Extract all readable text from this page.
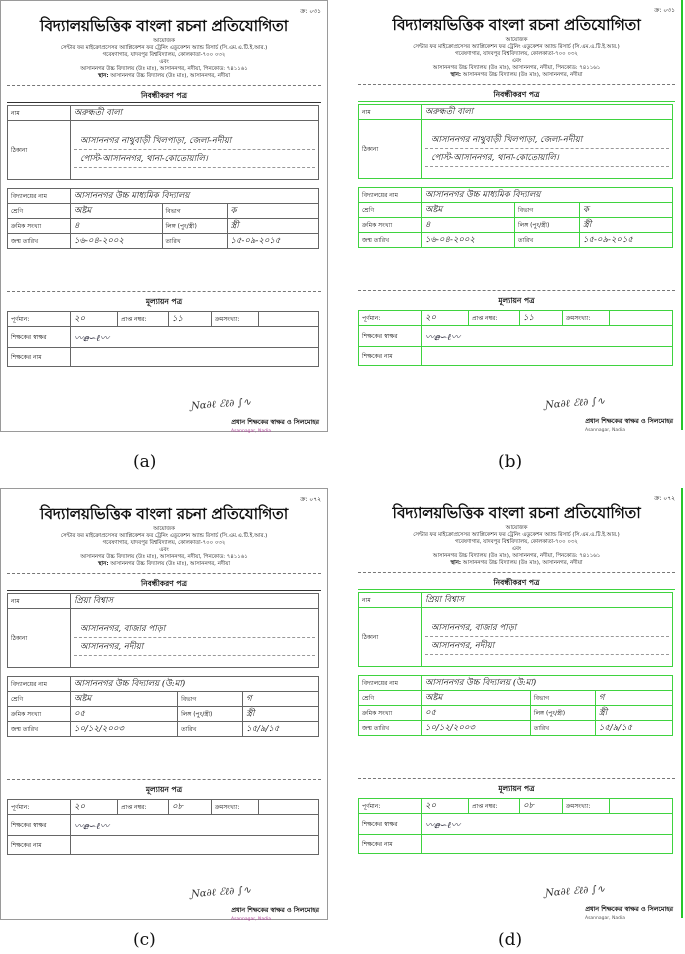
ক্র: ০৩১
বিদ্যালয়ভিত্তিক বাংলা রচনা প্রতিযোগিতা
আয়োজক
সেন্টার ফর মাইক্রোপ্রসেসর অ্যাপ্লিকেশন ফর ট্রেনিং এডুকেশন অ্যান্ড রিসার্চ (সি.এম.এ.টি.ই.আর.)
গবেষণাগার, যাদবপুর বিশ্ববিদ্যালয়, কোলকাতা-৭০০ ০৩২
এবং
আসাননগর উচ্চ বিদ্যালয় (উঃ মাঃ), আসাননগর, নদীয়া, পিনকোড: ৭৪১১৬১
স্থান: আসাননগর উচ্চ বিদ্যালয় (উঃ মাঃ), আসাননগর, নদীয়া
নিবন্ধীকরণ পত্র
নাম	অরুন্ধতী বালা		
ঠিকানা	আসাননগর নাথুবাড়ী খিলপাড়া, জেলা-নদীয়া
পোস্ট-আসাননগর, থানা-কোতোয়ালি।		

বিদ্যালয়ের নাম	আসাননগর উচ্চ মাধ্যমিক বিদ্যালয়		
শ্রেণি	অষ্টম	বিভাগ	ক
ক্রমিক সংখ্যা	৪	লিঙ্গ (পুং/স্ত্রী)	স্ত্রী
জন্ম তারিখ	১৬-০৪-২০০২	তারিখ	১৫-০৯-২০১৫
মূল্যায়ন পত্র
পূর্ণমান:	২০	প্রাপ্ত নম্বর:	১১	ক্রমসংখ্যা:	
শিক্ষকের স্বাক্ষর	〰︎ⅇ∽ℓ〰︎				
শিক্ষকের নাম					
Ɲɑ∂ℓ ℰℓ∂ ∫∿
প্রধান শিক্ষকের স্বাক্ষর ও সিলমোহর
Asannagar, Nadia
(a)
ক্র: ০৩১
বিদ্যালয়ভিত্তিক বাংলা রচনা প্রতিযোগিতা
আয়োজক
সেন্টার ফর মাইক্রোপ্রসেসর অ্যাপ্লিকেশন ফর ট্রেনিং এডুকেশন অ্যান্ড রিসার্চ (সি.এম.এ.টি.ই.আর.)
গবেষণাগার, যাদবপুর বিশ্ববিদ্যালয়, কোলকাতা-৭০০ ০৩২
এবং
আসাননগর উচ্চ বিদ্যালয় (উঃ মাঃ), আসাননগর, নদীয়া, পিনকোড: ৭৪১১৬১
স্থান: আসাননগর উচ্চ বিদ্যালয় (উঃ মাঃ), আসাননগর, নদীয়া
নিবন্ধীকরণ পত্র
নাম	অরুন্ধতী বালা		
ঠিকানা	আসাননগর নাথুবাড়ী খিলপাড়া, জেলা-নদীয়া
পোস্ট-আসাননগর, থানা-কোতোয়ালি।		

বিদ্যালয়ের নাম	আসাননগর উচ্চ মাধ্যমিক বিদ্যালয়		
শ্রেণি	অষ্টম	বিভাগ	ক
ক্রমিক সংখ্যা	৪	লিঙ্গ (পুং/স্ত্রী)	স্ত্রী
জন্ম তারিখ	১৬-০৪-২০০২	তারিখ	১৫-০৯-২০১৫
মূল্যায়ন পত্র
পূর্ণমান:	২০	প্রাপ্ত নম্বর:	১১	ক্রমসংখ্যা:	
শিক্ষকের স্বাক্ষর	〰︎ⅇ∽ℓ〰︎				
শিক্ষকের নাম					
Ɲɑ∂ℓ ℰℓ∂ ∫∿
প্রধান শিক্ষকের স্বাক্ষর ও সিলমোহর
Asannagar, Nadia
(b)
ক্র: ০৭২
বিদ্যালয়ভিত্তিক বাংলা রচনা প্রতিযোগিতা
আয়োজক
সেন্টার ফর মাইক্রোপ্রসেসর অ্যাপ্লিকেশন ফর ট্রেনিং এডুকেশন অ্যান্ড রিসার্চ (সি.এম.এ.টি.ই.আর.)
গবেষণাগার, যাদবপুর বিশ্ববিদ্যালয়, কোলকাতা-৭০০ ০৩২
এবং
আসাননগর উচ্চ বিদ্যালয় (উঃ মাঃ), আসাননগর, নদীয়া, পিনকোড: ৭৪১১৬১
স্থান: আসাননগর উচ্চ বিদ্যালয় (উঃ মাঃ), আসাননগর, নদীয়া
নিবন্ধীকরণ পত্র
নাম	প্রিয়া বিশ্বাস		
ঠিকানা	আসাননগর, বাজার পাড়া
আসাননগর, নদীয়া		

বিদ্যালয়ের নাম	আসাননগর উচ্চ বিদ্যালয় (উ:মা)		
শ্রেণি	অষ্টম	বিভাগ	গ
ক্রমিক সংখ্যা	০৫	লিঙ্গ (পুং/স্ত্রী)	স্ত্রী
জন্ম তারিখ	১০/১২/২০০৩	তারিখ	১৫/৯/১৫
মূল্যায়ন পত্র
পূর্ণমান:	২০	প্রাপ্ত নম্বর:	০৮	ক্রমসংখ্যা:	
শিক্ষকের স্বাক্ষর	〰︎ⅇ∽ℓ〰︎				
শিক্ষকের নাম					
Ɲɑ∂ℓ ℰℓ∂ ∫∿
প্রধান শিক্ষকের স্বাক্ষর ও সিলমোহর
Asannagar, Nadia
(c)
ক্র: ০৭২
বিদ্যালয়ভিত্তিক বাংলা রচনা প্রতিযোগিতা
আয়োজক
সেন্টার ফর মাইক্রোপ্রসেসর অ্যাপ্লিকেশন ফর ট্রেনিং এডুকেশন অ্যান্ড রিসার্চ (সি.এম.এ.টি.ই.আর.)
গবেষণাগার, যাদবপুর বিশ্ববিদ্যালয়, কোলকাতা-৭০০ ০৩২
এবং
আসাননগর উচ্চ বিদ্যালয় (উঃ মাঃ), আসাননগর, নদীয়া, পিনকোড: ৭৪১১৬১
স্থান: আসাননগর উচ্চ বিদ্যালয় (উঃ মাঃ), আসাননগর, নদীয়া
নিবন্ধীকরণ পত্র
নাম	প্রিয়া বিশ্বাস		
ঠিকানা	আসাননগর, বাজার পাড়া
আসাননগর, নদীয়া		

বিদ্যালয়ের নাম	আসাননগর উচ্চ বিদ্যালয় (উ:মা)		
শ্রেণি	অষ্টম	বিভাগ	গ
ক্রমিক সংখ্যা	০৫	লিঙ্গ (পুং/স্ত্রী)	স্ত্রী
জন্ম তারিখ	১০/১২/২০০৩	তারিখ	১৫/৯/১৫
মূল্যায়ন পত্র
পূর্ণমান:	২০	প্রাপ্ত নম্বর:	০৮	ক্রমসংখ্যা:	
শিক্ষকের স্বাক্ষর	〰︎ⅇ∽ℓ〰︎				
শিক্ষকের নাম					
Ɲɑ∂ℓ ℰℓ∂ ∫∿
প্রধান শিক্ষকের স্বাক্ষর ও সিলমোহর
Asannagar, Nadia
(d)
